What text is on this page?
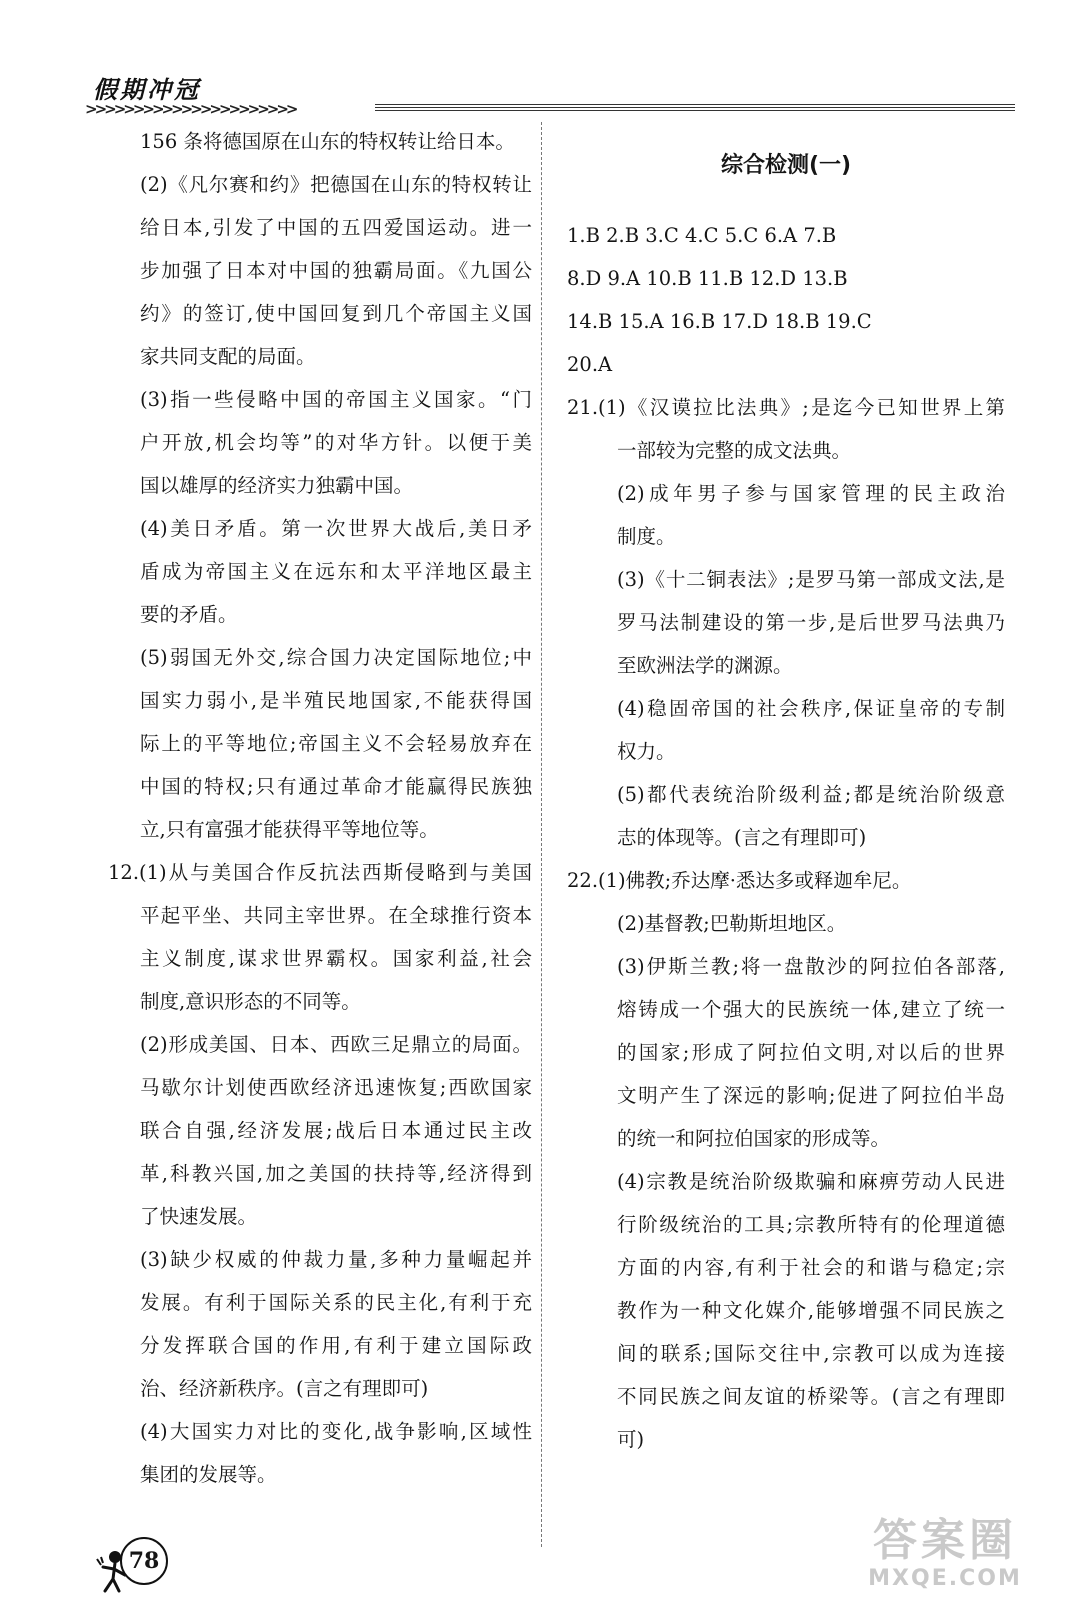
假期冲冠
>>>>>>>>>>>>>>>>>>>>>>
156 条将德国原在山东的特权转让给日本。
(2)《凡尔赛和约》把德国在山东的特权转让
给日本,引发了中国的五四爱国运动。进一
步加强了日本对中国的独霸局面。《九国公
约》的签订,使中国回复到几个帝国主义国
家共同支配的局面。
(3)指一些侵略中国的帝国主义国家。“门
户开放,机会均等”的对华方针。以便于美
国以雄厚的经济实力独霸中国。
(4)美日矛盾。第一次世界大战后,美日矛
盾成为帝国主义在远东和太平洋地区最主
要的矛盾。
(5)弱国无外交,综合国力决定国际地位;中
国实力弱小,是半殖民地国家,不能获得国
际上的平等地位;帝国主义不会轻易放弃在
中国的特权;只有通过革命才能赢得民族独
立,只有富强才能获得平等地位等。
12.(1)从与美国合作反抗法西斯侵略到与美国
平起平坐、共同主宰世界。在全球推行资本
主义制度,谋求世界霸权。国家利益,社会
制度,意识形态的不同等。
(2)形成美国、日本、西欧三足鼎立的局面。
马歇尔计划使西欧经济迅速恢复;西欧国家
联合自强,经济发展;战后日本通过民主改
革,科教兴国,加之美国的扶持等,经济得到
了快速发展。
(3)缺少权威的仲裁力量,多种力量崛起并
发展。有利于国际关系的民主化,有利于充
分发挥联合国的作用,有利于建立国际政
治、经济新秩序。(言之有理即可)
(4)大国实力对比的变化,战争影响,区域性
集团的发展等。
综合检测(一)
1.B 2.B 3.C 4.C 5.C 6.A 7.B
8.D 9.A 10.B 11.B 12.D 13.B
14.B 15.A 16.B 17.D 18.B 19.C
20.A
21.(1)《汉谟拉比法典》;是迄今已知世界上第
一部较为完整的成文法典。
(2)成年男子参与国家管理的民主政治
制度。
(3)《十二铜表法》;是罗马第一部成文法,是
罗马法制建设的第一步,是后世罗马法典乃
至欧洲法学的渊源。
(4)稳固帝国的社会秩序,保证皇帝的专制
权力。
(5)都代表统治阶级利益;都是统治阶级意
志的体现等。(言之有理即可)
22.(1)佛教;乔达摩·悉达多或释迦牟尼。
(2)基督教;巴勒斯坦地区。
(3)伊斯兰教;将一盘散沙的阿拉伯各部落,
熔铸成一个强大的民族统一体,建立了统一
的国家;形成了阿拉伯文明,对以后的世界
文明产生了深远的影响;促进了阿拉伯半岛
的统一和阿拉伯国家的形成等。
(4)宗教是统治阶级欺骗和麻痹劳动人民进
行阶级统治的工具;宗教所特有的伦理道德
方面的内容,有利于社会的和谐与稳定;宗
教作为一种文化媒介,能够增强不同民族之
间的联系;国际交往中,宗教可以成为连接
不同民族之间友谊的桥梁等。(言之有理即
可)
78	答案圈
MXQE.COM
